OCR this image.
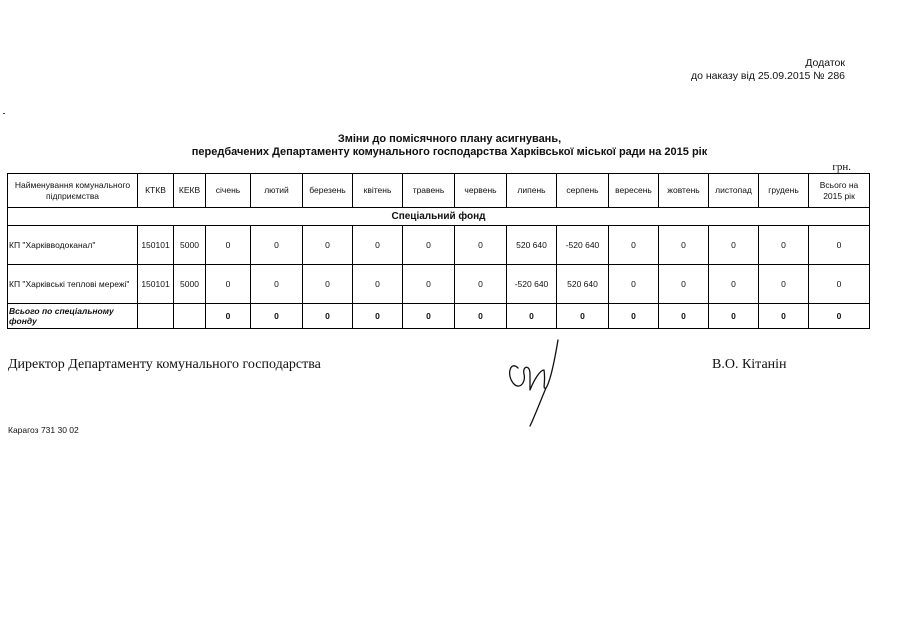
Додаток
до наказу від 25.09.2015 № 286
Зміни до помісячного плану асигнувань,
передбачених Департаменту комунального господарства Харківської міської ради на 2015 рік
грн.
Найменування комунального підприємства	КТКВ	КЕКВ	січень	лютий	березень	квітень	травень	червень	липень	серпень	вересень	жовтень	листопад	грудень	Всього на 2015 рік
Спеціальний фонд															
КП "Харківводоканал"	150101	5000	0	0	0	0	0	0	520 640	-520 640	0	0	0	0	0
КП "Харківські теплові мережі"	150101	5000	0	0	0	0	0	0	-520 640	520 640	0	0	0	0	0
Всього по спеціальному фонду			0	0	0	0	0	0	0	0	0	0	0	0	0
Директор Департаменту комунального господарства	В.О. Кітанін
Карагоз 731 30 02
